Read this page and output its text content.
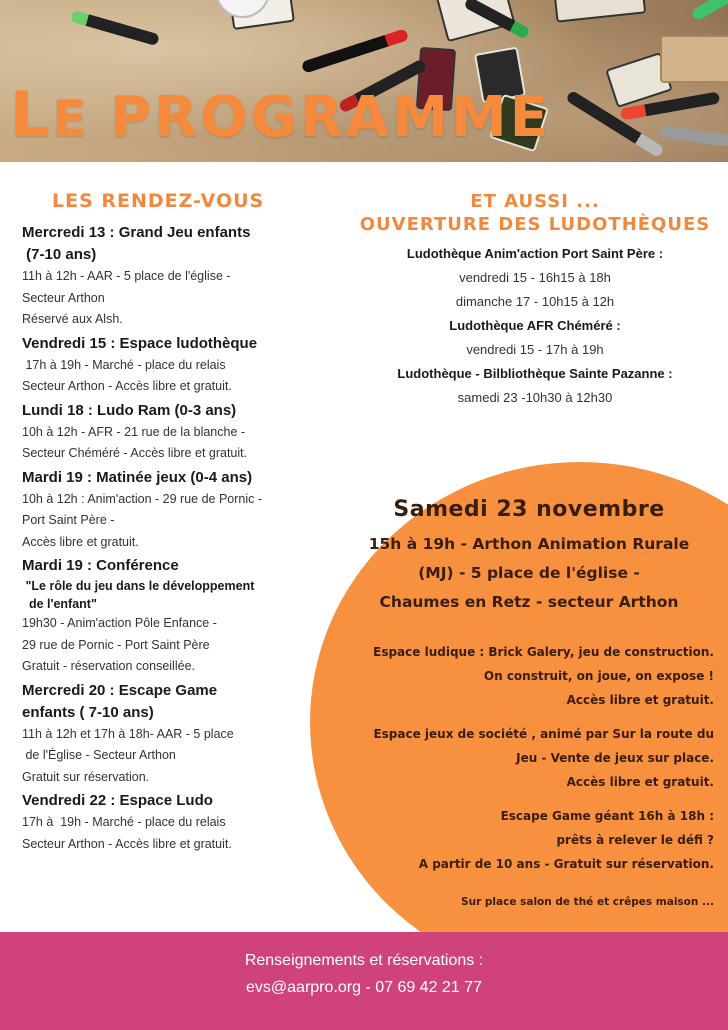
LE PROGRAMME
LES RENDEZ-VOUS
Mercredi 13 : Grand Jeu enfants
(7-10 ans)
11h à 12h - AAR - 5 place de l'église -
Secteur Arthon
Réservé aux Alsh.
Vendredi 15 : Espace ludothèque
17h à 19h - Marché - place du relais
Secteur Arthon - Accès libre et gratuit.
Lundi 18 : Ludo Ram (0-3 ans)
10h à 12h - AFR - 21 rue de la blanche -
Secteur Chéméré - Accès libre et gratuit.
Mardi 19 : Matinée jeux (0-4 ans)
10h à 12h : Anim'action - 29 rue de Pornic -
Port Saint Père -
Accès libre et gratuit.
Mardi 19 : Conférence
"Le rôle du jeu dans le développement
de l'enfant"
19h30 - Anim'action Pôle Enfance -
29 rue de Pornic - Port Saint Père
Gratuit - réservation conseillée.
Mercredi 20 : Escape Game
enfants ( 7-10 ans)
11h à 12h et 17h à 18h- AAR - 5 place
de l'Église - Secteur Arthon
Gratuit sur réservation.
Vendredi 22 : Espace Ludo
17h à  19h - Marché - place du relais
Secteur Arthon - Accès libre et gratuit.
ET AUSSI ...
OUVERTURE DES LUDOTHÈQUES
Ludothèque Anim'action Port Saint Père :
vendredi 15 - 16h15 à 18h
dimanche 17 - 10h15 à 12h
Ludothèque AFR Chéméré :
vendredi 15 - 17h à 19h
Ludothèque - Bilbliothèque Sainte Pazanne :
samedi 23 -10h30 à 12h30
Samedi 23 novembre
15h à 19h - Arthon Animation Rurale
(MJ) - 5 place de l'église -
Chaumes en Retz - secteur Arthon
Espace ludique : Brick Galery, jeu de construction.
On construit, on joue, on expose !
Accès libre et gratuit.
Espace jeux de société , animé par Sur la route du
Jeu - Vente de jeux sur place.
Accès libre et gratuit.
Escape Game géant 16h à 18h :
prêts à relever le défi ?
A partir de 10 ans - Gratuit sur réservation.
Sur place salon de thé et crêpes maison ...
Renseignements et réservations :
evs@aarpro.org - 07 69 42 21 77
